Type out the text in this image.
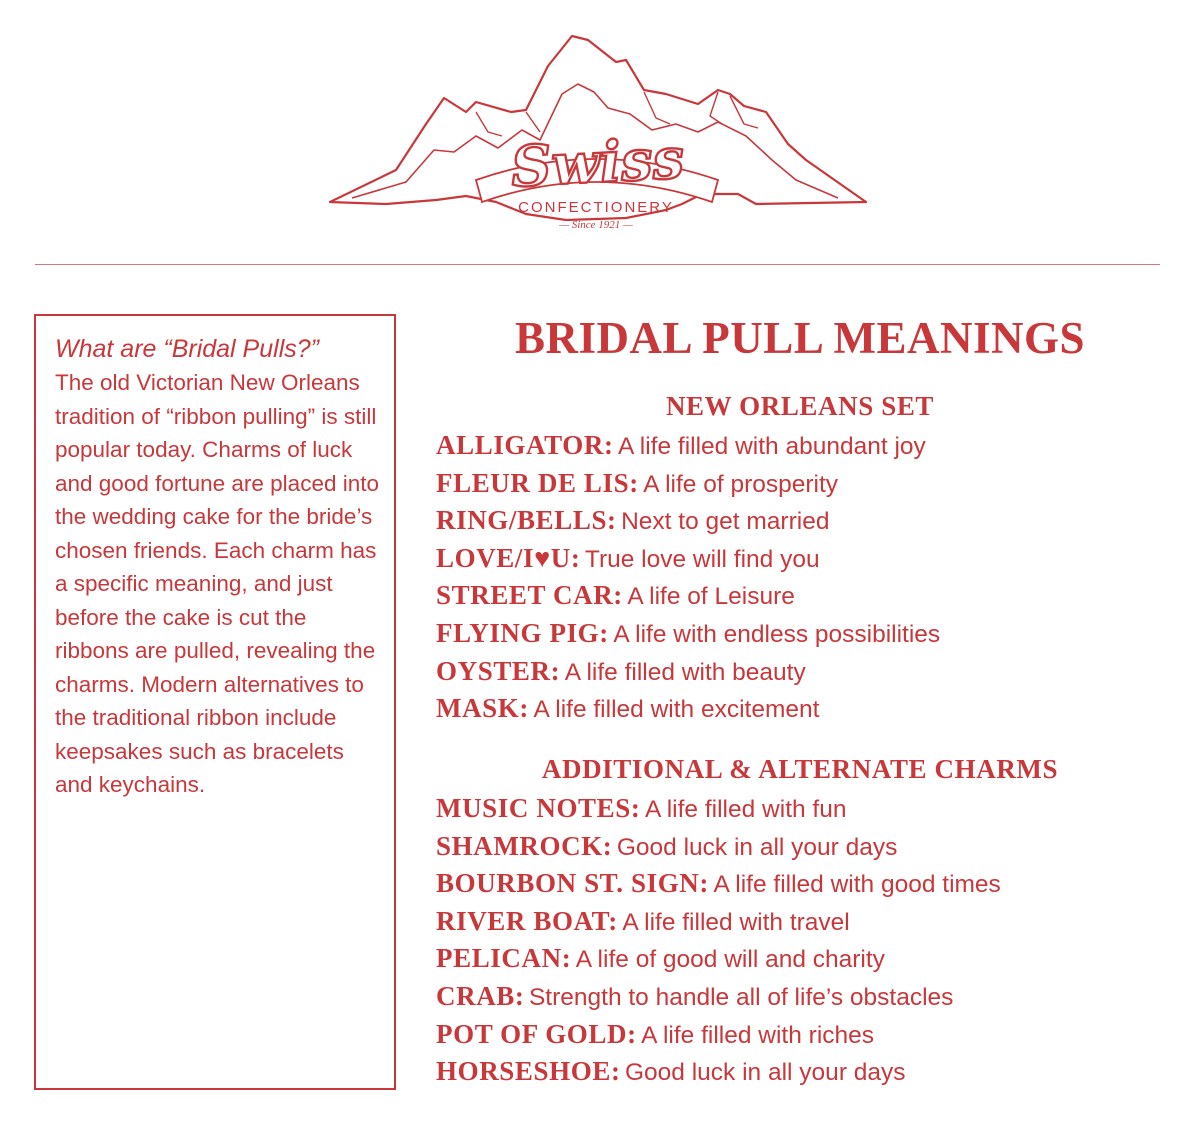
Swiss
CONFECTIONERY
— Since 1921 —

What are “Bridal Pulls?”

The old Victorian New Orleans tradition of “ribbon pulling” is still popular today. Charms of luck and good fortune are placed into the wedding cake for the bride’s chosen friends. Each charm has a specific meaning, and just before the cake is cut the ribbons are pulled, revealing the charms. Modern alternatives to the traditional ribbon include keepsakes such as bracelets and keychains.

BRIDAL PULL MEANINGS
NEW ORLEANS SET
ALLIGATOR: A life filled with abundant joy
FLEUR DE LIS: A life of prosperity
RING/BELLS: Next to get married
LOVE/I♥U: True love will find you
STREET CAR: A life of Leisure
FLYING PIG: A life with endless possibilities
OYSTER: A life filled with beauty
MASK: A life filled with excitement
ADDITIONAL & ALTERNATE CHARMS
MUSIC NOTES: A life filled with fun
SHAMROCK: Good luck in all your days
BOURBON ST. SIGN: A life filled with good times
RIVER BOAT: A life filled with travel
PELICAN: A life of good will and charity
CRAB: Strength to handle all of life’s obstacles
POT OF GOLD: A life filled with riches
HORSESHOE: Good luck in all your days
